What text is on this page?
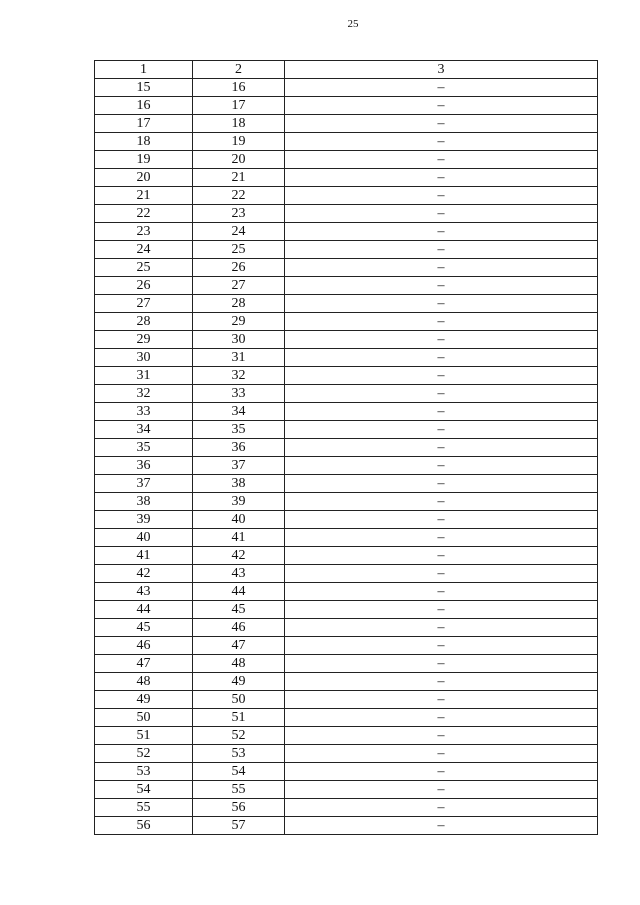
25
1	2	3
15	16	–
16	17	–
17	18	–
18	19	–
19	20	–
20	21	–
21	22	–
22	23	–
23	24	–
24	25	–
25	26	–
26	27	–
27	28	–
28	29	–
29	30	–
30	31	–
31	32	–
32	33	–
33	34	–
34	35	–
35	36	–
36	37	–
37	38	–
38	39	–
39	40	–
40	41	–
41	42	–
42	43	–
43	44	–
44	45	–
45	46	–
46	47	–
47	48	–
48	49	–
49	50	–
50	51	–
51	52	–
52	53	–
53	54	–
54	55	–
55	56	–
56	57	–
